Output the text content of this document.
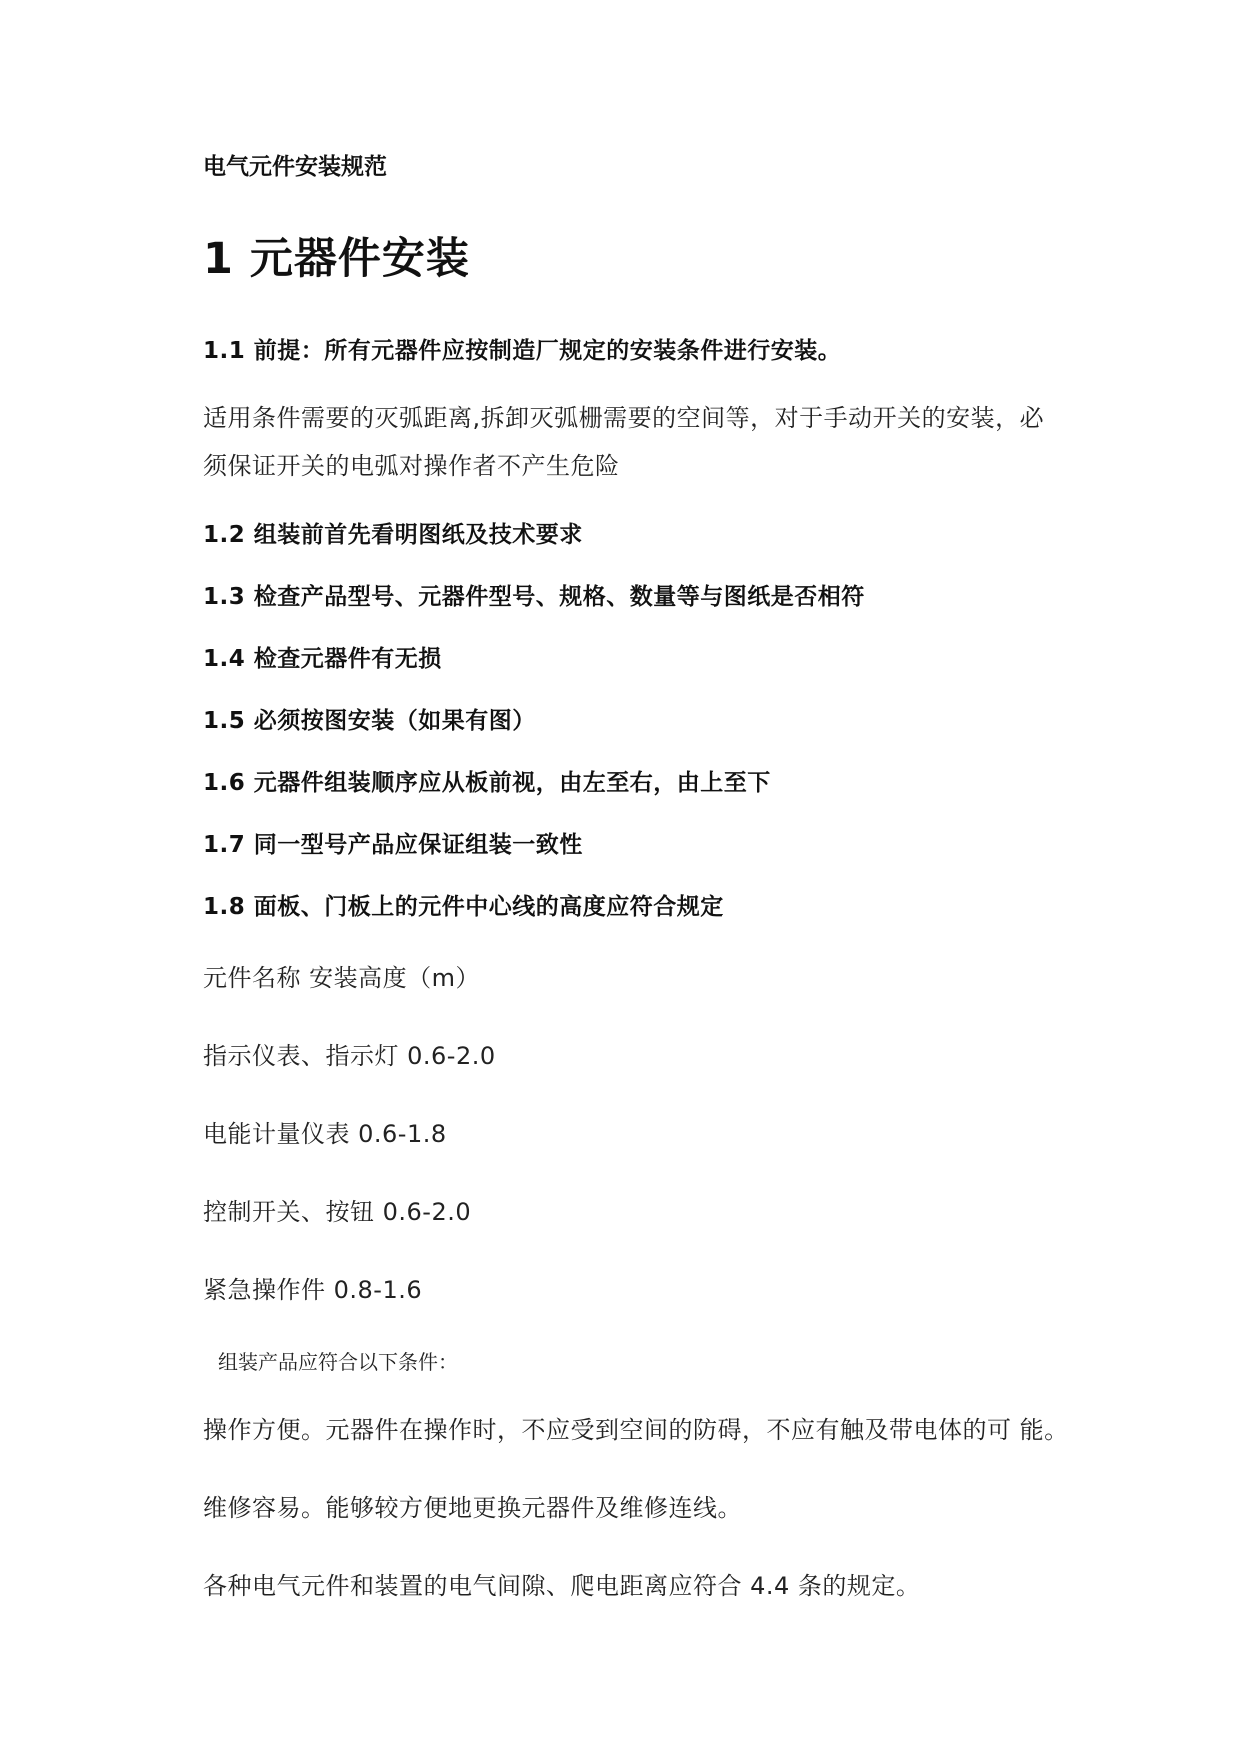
电气元件安装规范
1 元器件安装
1.1 前提：所有元器件应按制造厂规定的安装条件进行安装。
适用条件需要的灭弧距离,拆卸灭弧栅需要的空间等，对于手动开关的安装，必
须保证开关的电弧对操作者不产生危险
1.2 组装前首先看明图纸及技术要求
1.3 检查产品型号、元器件型号、规格、数量等与图纸是否相符
1.4 检查元器件有无损
1.5 必须按图安装（如果有图）
1.6 元器件组装顺序应从板前视，由左至右，由上至下
1.7 同一型号产品应保证组装一致性
1.8 面板、门板上的元件中心线的高度应符合规定
元件名称 安装高度（m）
指示仪表、指示灯 0.6-2.0
电能计量仪表 0.6-1.8
控制开关、按钮 0.6-2.0
紧急操作件 0.8-1.6
组装产品应符合以下条件：
操作方便。元器件在操作时，不应受到空间的防碍，不应有触及带电体的可 能。
维修容易。能够较方便地更换元器件及维修连线。
各种电气元件和装置的电气间隙、爬电距离应符合 4.4 条的规定。
